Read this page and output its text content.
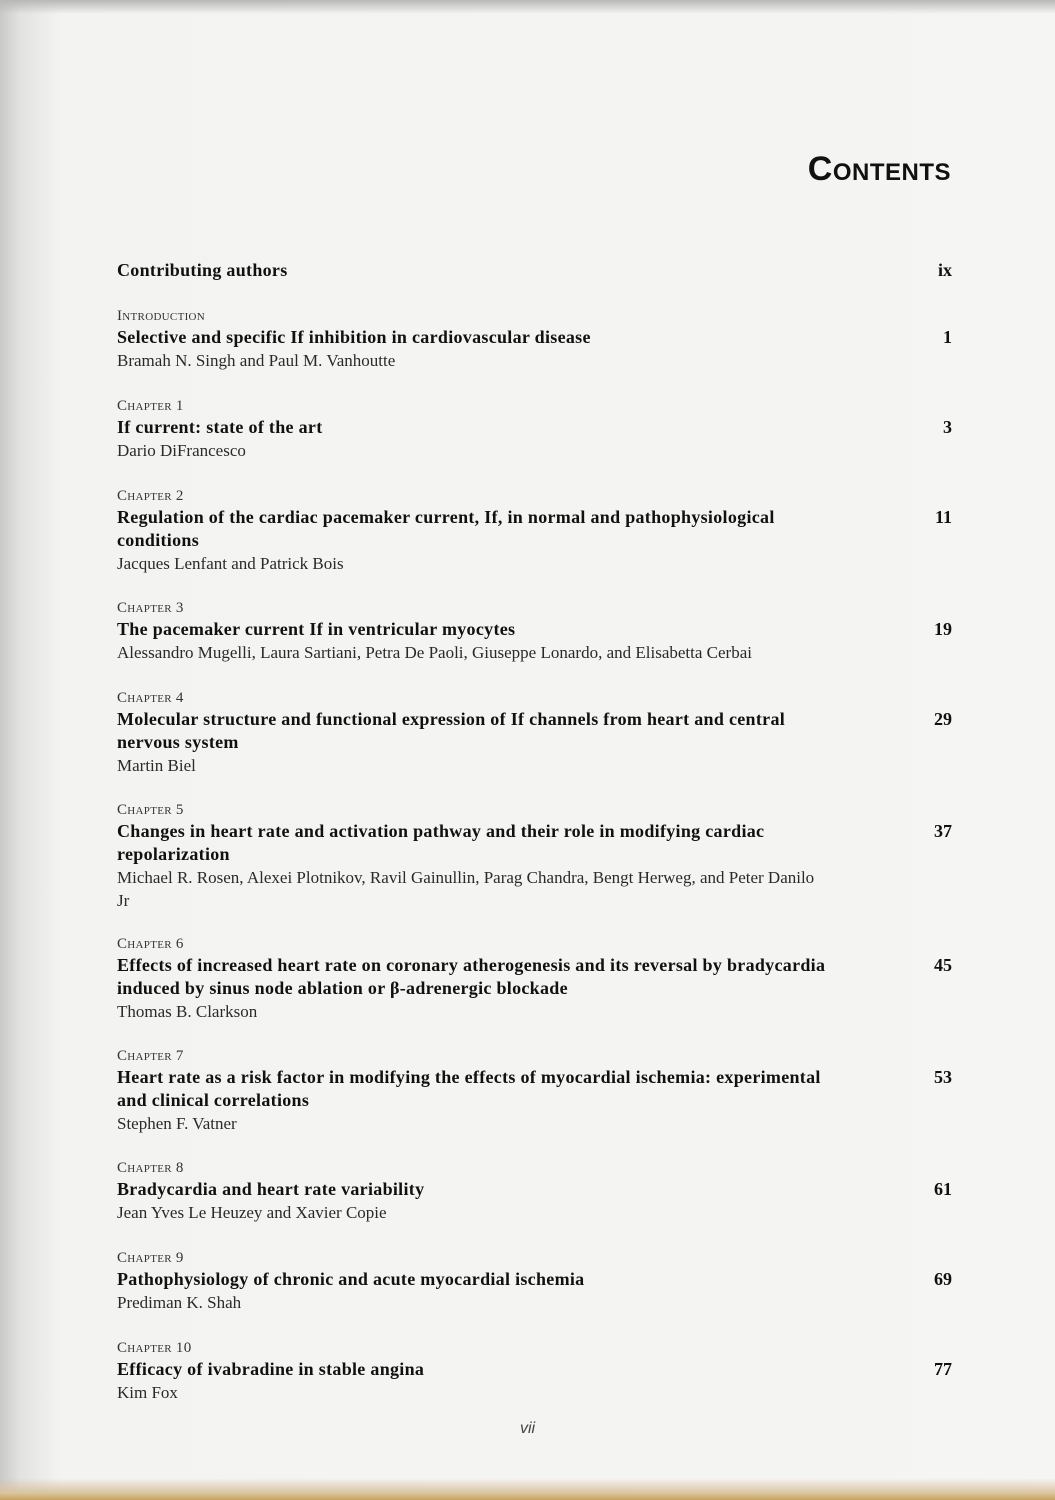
Contents
Contributing authors	ix
Introduction
Selective and specific If inhibition in cardiovascular disease
Bramah N. Singh and Paul M. Vanhoutte
1
Chapter 1
If current: state of the art
Dario DiFrancesco
3
Chapter 2
Regulation of the cardiac pacemaker current, If, in normal and pathophysiological conditions
Jacques Lenfant and Patrick Bois
11
Chapter 3
The pacemaker current If in ventricular myocytes
Alessandro Mugelli, Laura Sartiani, Petra De Paoli, Giuseppe Lonardo, and Elisabetta Cerbai
19
Chapter 4
Molecular structure and functional expression of If channels from heart and central nervous system
Martin Biel
29
Chapter 5
Changes in heart rate and activation pathway and their role in modifying cardiac repolarization
Michael R. Rosen, Alexei Plotnikov, Ravil Gainullin, Parag Chandra, Bengt Herweg, and Peter Danilo Jr
37
Chapter 6
Effects of increased heart rate on coronary atherogenesis and its reversal by bradycardia induced by sinus node ablation or β-adrenergic blockade
Thomas B. Clarkson
45
Chapter 7
Heart rate as a risk factor in modifying the effects of myocardial ischemia: experimental and clinical correlations
Stephen F. Vatner
53
Chapter 8
Bradycardia and heart rate variability
Jean Yves Le Heuzey and Xavier Copie
61
Chapter 9
Pathophysiology of chronic and acute myocardial ischemia
Prediman K. Shah
69
Chapter 10
Efficacy of ivabradine in stable angina
Kim Fox
77
vii
